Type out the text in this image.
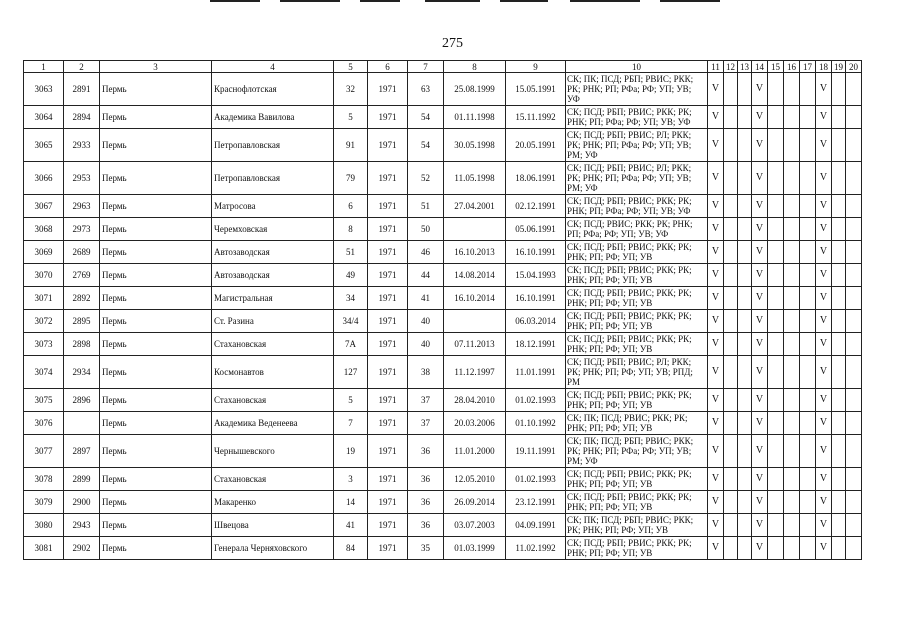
275
1	2	3	4	5	6	7	8	9	10	11	12	13	14	15	16	17	18	19	20
3063	2891	Пермь	Краснофлотская	32	1971	63	25.08.1999	15.05.1991	СК; ПК; ПСД; РБП; РВИС; РКК; РК; РНК; РП; РФа; РФ; УП; УВ; УФ	V			V				V		
3064	2894	Пермь	Академика Вавилова	5	1971	54	01.11.1998	15.11.1992	СК; ПСД; РБП; РВИС; РКК; РК; РНК; РП; РФа; РФ; УП; УВ; УФ	V			V				V		
3065	2933	Пермь	Петропавловская	91	1971	54	30.05.1998	20.05.1991	СК; ПСД; РБП; РВИС; РЛ; РКК; РК; РНК; РП; РФа; РФ; УП; УВ; РМ; УФ	V			V				V		
3066	2953	Пермь	Петропавловская	79	1971	52	11.05.1998	18.06.1991	СК; ПСД; РБП; РВИС; РЛ; РКК; РК; РНК; РП; РФа; РФ; УП; УВ; РМ; УФ	V			V				V		
3067	2963	Пермь	Матросова	6	1971	51	27.04.2001	02.12.1991	СК; ПСД; РБП; РВИС; РКК; РК; РНК; РП; РФа; РФ; УП; УВ; УФ	V			V				V		
3068	2973	Пермь	Черемховская	8	1971	50		05.06.1991	СК; ПСД; РВИС; РКК; РК; РНК; РП; РФа; РФ; УП; УВ; УФ	V			V				V		
3069	2689	Пермь	Автозаводская	51	1971	46	16.10.2013	16.10.1991	СК; ПСД; РБП; РВИС; РКК; РК; РНК; РП; РФ; УП; УВ	V			V				V		
3070	2769	Пермь	Автозаводская	49	1971	44	14.08.2014	15.04.1993	СК; ПСД; РБП; РВИС; РКК; РК; РНК; РП; РФ; УП; УВ	V			V				V		
3071	2892	Пермь	Магистральная	34	1971	41	16.10.2014	16.10.1991	СК; ПСД; РБП; РВИС; РКК; РК; РНК; РП; РФ; УП; УВ	V			V				V		
3072	2895	Пермь	Ст. Разина	34/4	1971	40		06.03.2014	СК; ПСД; РБП; РВИС; РКК; РК; РНК; РП; РФ; УП; УВ	V			V				V		
3073	2898	Пермь	Стахановская	7А	1971	40	07.11.2013	18.12.1991	СК; ПСД; РБП; РВИС; РКК; РК; РНК; РП; РФ; УП; УВ	V			V				V		
3074	2934	Пермь	Космонавтов	127	1971	38	11.12.1997	11.01.1991	СК; ПСД; РБП; РВИС; РЛ; РКК; РК; РНК; РП; РФ; УП; УВ; РПД; РМ	V			V				V		
3075	2896	Пермь	Стахановская	5	1971	37	28.04.2010	01.02.1993	СК; ПСД; РБП; РВИС; РКК; РК; РНК; РП; РФ; УП; УВ	V			V				V		
3076		Пермь	Академика Веденеева	7	1971	37	20.03.2006	01.10.1992	СК; ПК; ПСД; РВИС; РКК; РК; РНК; РП; РФ; УП; УВ	V			V				V		
3077	2897	Пермь	Чернышевского	19	1971	36	11.01.2000	19.11.1991	СК; ПК; ПСД; РБП; РВИС; РКК; РК; РНК; РП; РФа; РФ; УП; УВ; РМ; УФ	V			V				V		
3078	2899	Пермь	Стахановская	3	1971	36	12.05.2010	01.02.1993	СК; ПСД; РБП; РВИС; РКК; РК; РНК; РП; РФ; УП; УВ	V			V				V		
3079	2900	Пермь	Макаренко	14	1971	36	26.09.2014	23.12.1991	СК; ПСД; РБП; РВИС; РКК; РК; РНК; РП; РФ; УП; УВ	V			V				V		
3080	2943	Пермь	Швецова	41	1971	36	03.07.2003	04.09.1991	СК; ПК; ПСД; РБП; РВИС; РКК; РК; РНК; РП; РФ; УП; УВ	V			V				V		
3081	2902	Пермь	Генерала Черняховского	84	1971	35	01.03.1999	11.02.1992	СК; ПСД; РБП; РВИС; РКК; РК; РНК; РП; РФ; УП; УВ	V			V				V		
